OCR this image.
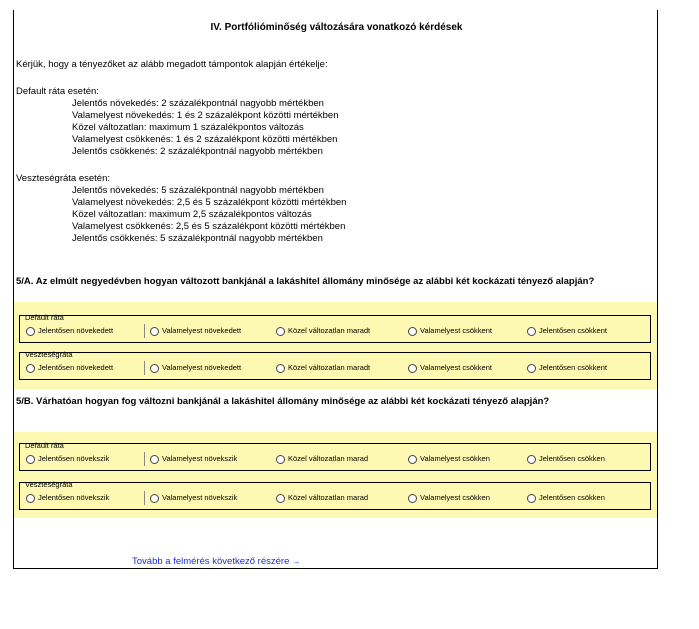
IV. Portfólióminőség változására vonatkozó kérdések
Kérjük, hogy a tényezőket az alább megadott támpontok alapján értékelje:
Default ráta esetén:
Jelentős növekedés: 2 százalékpontnál nagyobb mértékben
Valamelyest növekedés: 1 és 2 százalékpont közötti mértékben
Közel változatlan: maximum 1 százalékpontos változás
Valamelyest csökkenés: 1 és 2 százalékpont közötti mértékben
Jelentős csökkenés: 2 százalékpontnál nagyobb mértékben
Veszteségráta esetén:
Jelentős növekedés: 5 százalékpontnál nagyobb mértékben
Valamelyest növekedés: 2,5 és 5 százalékpont közötti mértékben
Közel változatlan: maximum 2,5 százalékpontos változás
Valamelyest csökkenés: 2,5 és 5 százalékpont közötti mértékben
Jelentős csökkenés: 5 százalékpontnál nagyobb mértékben
5/A. Az elmúlt negyedévben hogyan változott bankjánál a lakáshitel állomány minősége az alábbi két kockázati tényező alapján?
Default ráta
Jelentősen növekedett	Valamelyest növekedett	Közel változatlan maradt	Valamelyest csökkent	Jelentősen csökkent
Veszteségráta
Jelentősen növekedett	Valamelyest növekedett	Közel változatlan maradt	Valamelyest csökkent	Jelentősen csökkent
5/B. Várhatóan hogyan fog változni bankjánál a lakáshitel állomány minősége az alábbi két kockázati tényező alapján?
Default ráta
Jelentősen növekszik	Valamelyest növekszik	Közel változatlan marad	Valamelyest csökken	Jelentősen csökken
Veszteségráta
Jelentősen növekszik	Valamelyest növekszik	Közel változatlan marad	Valamelyest csökken	Jelentősen csökken
Tovább a felmérés következő részére →
